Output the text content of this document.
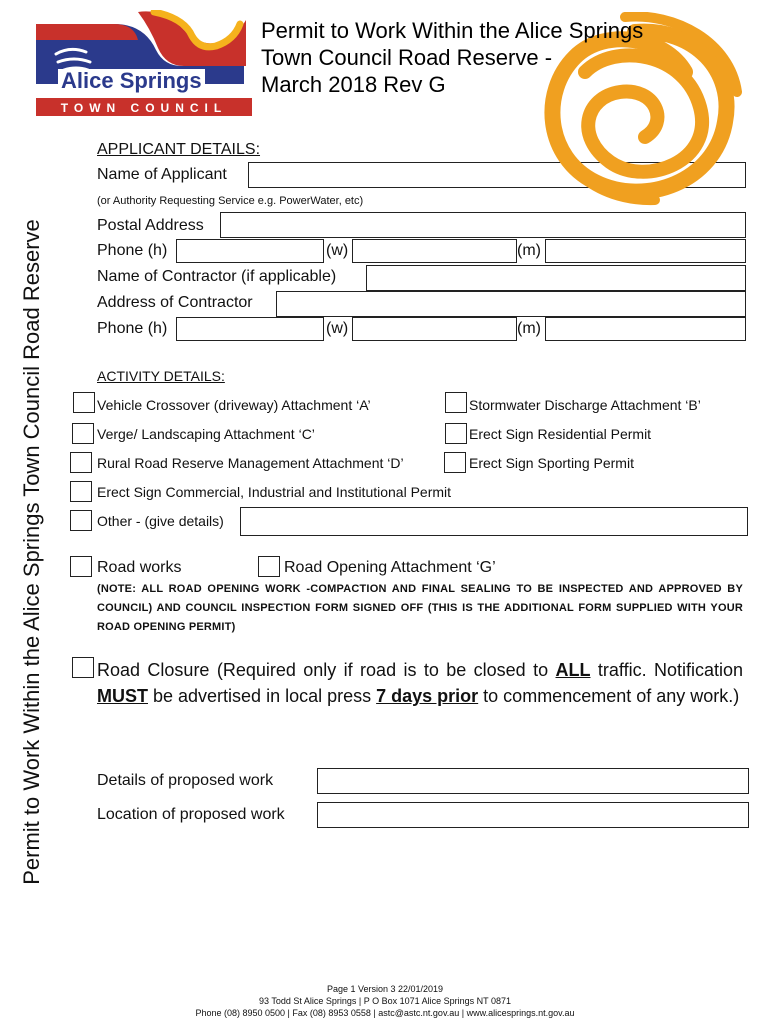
Alice Springs
TOWN COUNCIL
Permit to Work Within the Alice Springs
Town Council Road Reserve -
March 2018 Rev G
Permit to Work Within the Alice Springs Town Council Road Reserve
APPLICANT DETAILS:
Name of Applicant
(or Authority Requesting Service e.g. PowerWater, etc)
Postal Address
Phone (h)	(w)	(m)
Name of Contractor (if applicable)
Address of Contractor
Phone (h)	(w)	(m)
ACTIVITY DETAILS:
Vehicle Crossover (driveway) Attachment ‘A’	Stormwater Discharge Attachment ‘B’
Verge/ Landscaping Attachment ‘C’	Erect Sign Residential Permit
Rural Road Reserve Management Attachment ‘D’	Erect Sign Sporting Permit
Erect Sign Commercial, Industrial and Institutional Permit
Other - (give details)
Road works	Road Opening Attachment ‘G’
(NOTE: ALL ROAD OPENING WORK -COMPACTION AND FINAL SEALING TO BE INSPECTED AND APPROVED BY COUNCIL) AND COUNCIL INSPECTION FORM SIGNED OFF (THIS IS THE ADDITIONAL FORM SUPPLIED WITH YOUR ROAD OPENING PERMIT)
Road Closure (Required only if road is to be closed to ALL traffic. Notification MUST be advertised in local press 7 days prior to commencement of any work.)
Details of proposed work
Location of proposed work
Page 1 Version 3 22/01/2019
93 Todd St Alice Springs | P O Box 1071 Alice Springs NT 0871
Phone (08) 8950 0500 | Fax (08) 8953 0558 | astc@astc.nt.gov.au | www.alicesprings.nt.gov.au
